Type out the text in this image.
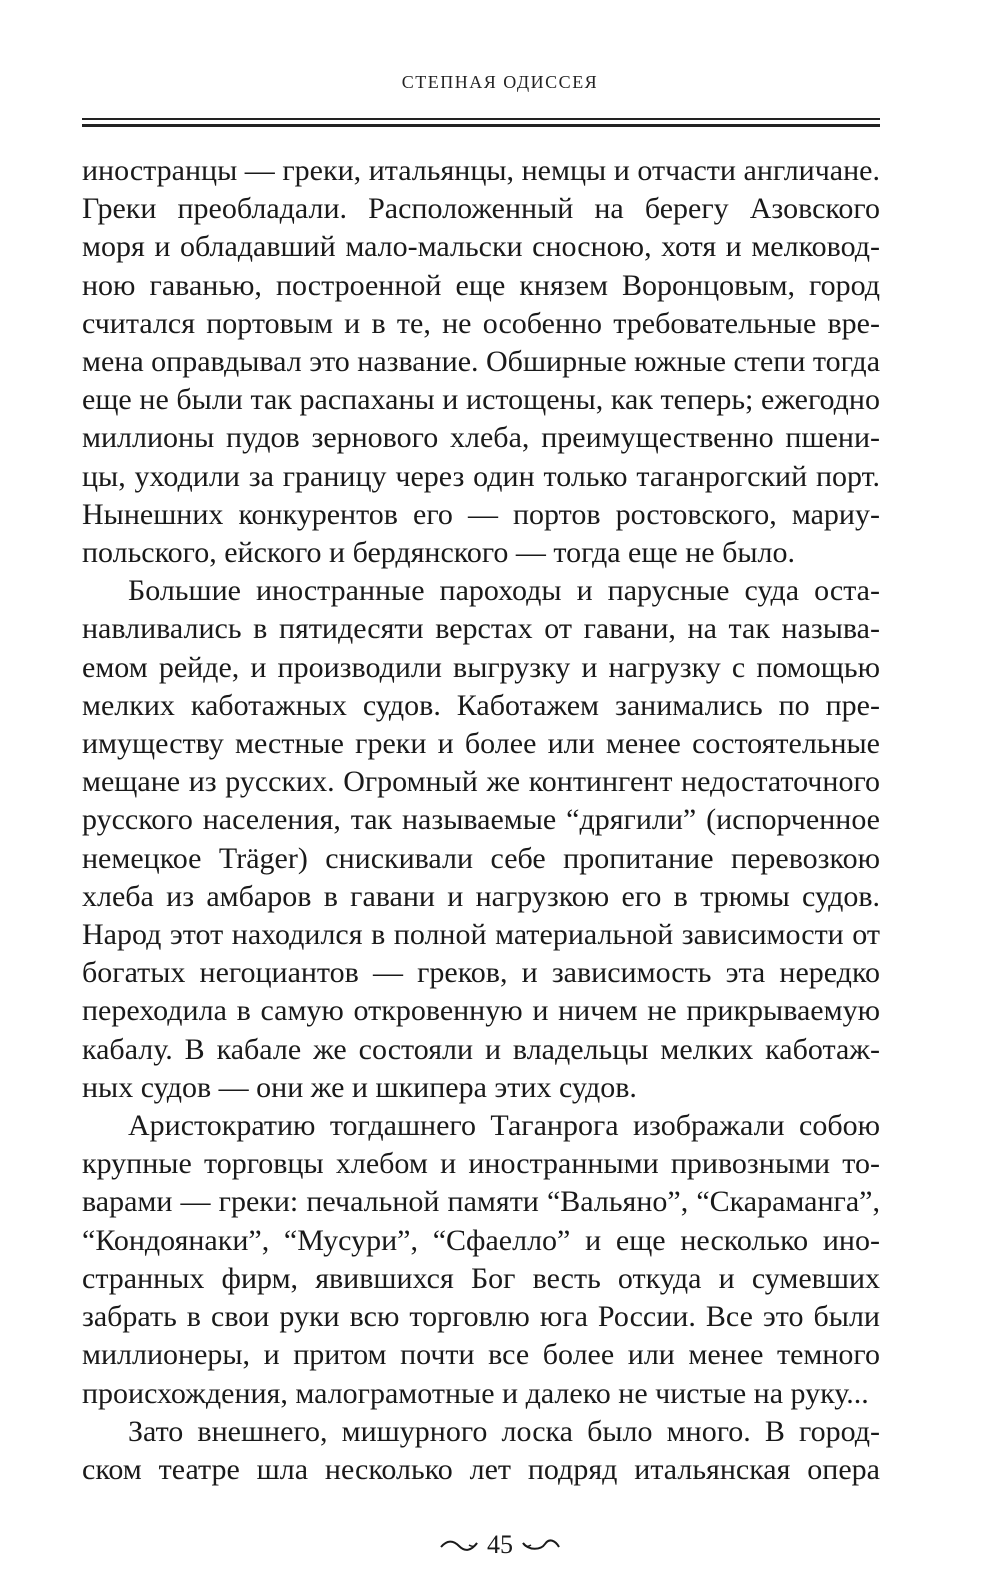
СТЕПНАЯ ОДИССЕЯ

иностранцы — греки, итальянцы, немцы и отчасти англичане. Греки преобладали. Расположенный на берегу Азовского моря и обладавший мало-мальски сносною, хотя и мелководною гаванью, построенной еще князем Воронцовым, город считался портовым и в те, не особенно требовательные времена оправдывал это название. Обширные южные степи тогда еще не были так распаханы и истощены, как теперь; ежегодно миллионы пудов зернового хлеба, преимущественно пшеницы, уходили за границу через один только таганрогский порт. Нынешних конкурентов его — портов ростовского, мариупольского, ейского и бердянского — тогда еще не было.

Большие иностранные пароходы и парусные суда останавливались в пятидесяти верстах от гавани, на так называемом рейде, и производили выгрузку и нагрузку с помощью мелких каботажных судов. Каботажем занимались по преимуществу местные греки и более или менее состоятельные мещане из русских. Огромный же контингент недостаточного русского населения, так называемые “дрягили” (испорченное немецкое Träger) снискивали себе пропитание перевозкою хлеба из амбаров в гавани и нагрузкою его в трюмы судов. Народ этот находился в полной материальной зависимости от богатых негоциантов — греков, и зависимость эта нередко переходила в самую откровенную и ничем не прикрываемую кабалу. В кабале же состояли и владельцы мелких каботажных судов — они же и шкипера этих судов.

Аристократию тогдашнего Таганрога изображали собою крупные торговцы хлебом и иностранными привозными товарами — греки: печальной памяти “Вальяно”, “Скараманга”, “Кондоянаки”, “Мусури”, “Сфаелло” и еще несколько иностранных фирм, явившихся Бог весть откуда и сумевших забрать в свои руки всю торговлю юга России. Все это были миллионеры, и притом почти все более или менее темного происхождения, малограмотные и далеко не чистые на руку...

Зато внешнего, мишурного лоска было много. В городском театре шла несколько лет подряд итальянская опера

45
